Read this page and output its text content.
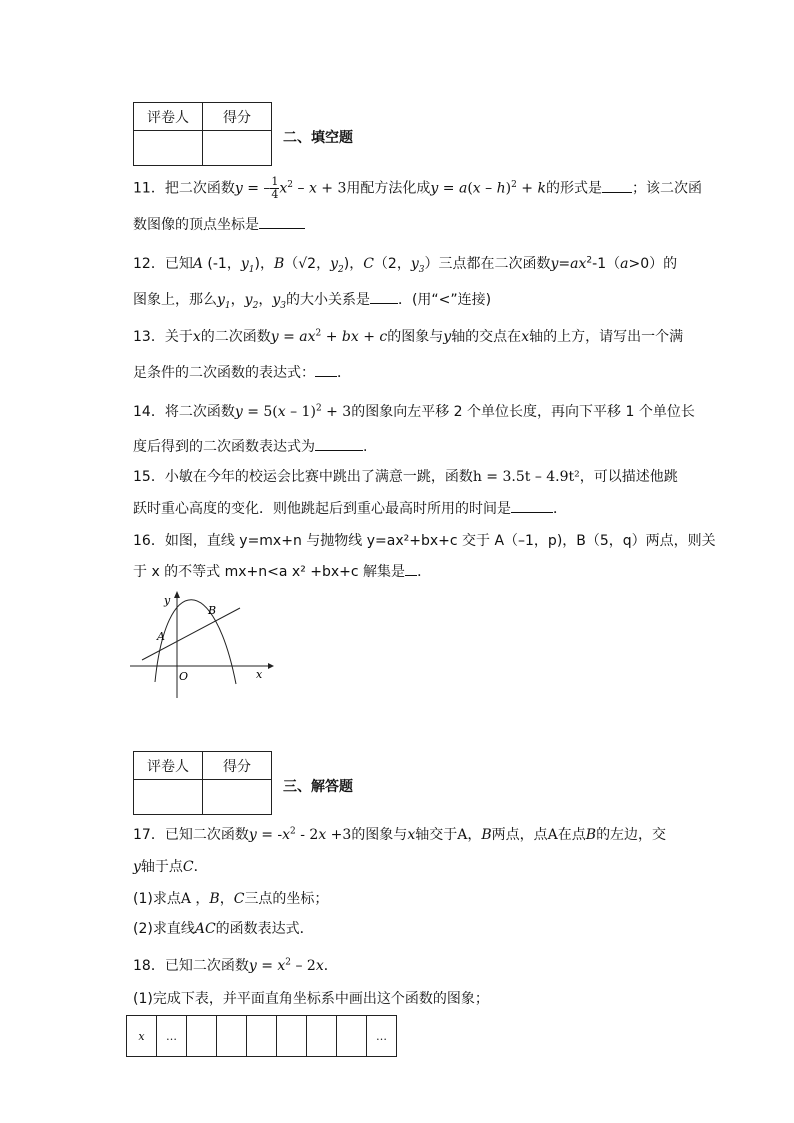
评卷人	得分

二、填空题
11．把二次函数y = – $\frac{1}{4} x^2 - x + 3$用配方法化成y = a(x – h)$^2$ + k的形式是 ；该二次函
数图像的顶点坐标是
12．已知A (-1，$y_1$)，B（√2，$y_2$)，C（2，$y_3$）三点都在二次函数$y=ax^2-1(a>0)$的
图象上，那么$y_1$，$y_2$，$y_3$的大小关系是 ．(用“<”连接)
13．关于x的二次函数$y = ax^2$ + bx + c的图象与y轴的交点在x轴的上方，请写出一个满
足条件的二次函数的表达式： ．
14．将二次函数y = 5(x – 1)$^2$ + 3的图象向左平移 2 个单位长度，再向下平移 1 个单位长
度后得到的二次函数表达式为	.
15．小敏在今年的校运会比赛中跳出了满意一跳，函数h = 3.5t – 4.9t²，可以描述他跳
跃时重心高度的变化．则他跳起后到重心最高时所用的时间是	．
16．如图，直线 y=mx+n 与抛物线 y=ax²+bx+c 交于 A（–1，p)，B（5，q）两点，则关
于 x 的不等式 mx+n<a x² +bx+c 解集是 ．
y
x
O
A
B
评卷人	得分

三、解答题
17．已知二次函数$y = -x^2 - 2x +3$的图象与x轴交于A，B两点，点A在点B的左边，交
y轴于点C．
(1)求点A ，B，C三点的坐标；
(2)求直线AC的函数表达式．
18．已知二次函数$y = x^2 - 2x$．
(1)完成下表，并平面直角坐标系中画出这个函数的图象；
x	…							…
